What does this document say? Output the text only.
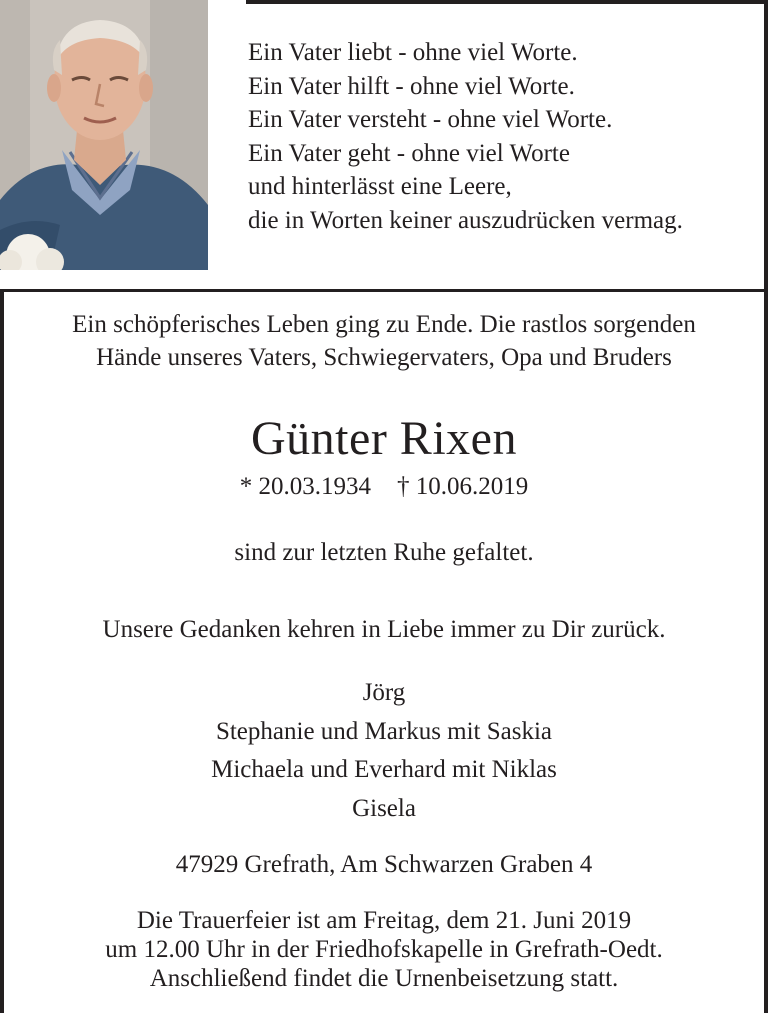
Ein Vater liebt - ohne viel Worte.
Ein Vater hilft - ohne viel Worte.
Ein Vater versteht - ohne viel Worte.
Ein Vater geht - ohne viel Worte
und hinterlässt eine Leere,
die in Worten keiner auszudrücken vermag.
Ein schöpferisches Leben ging zu Ende. Die rastlos sorgenden
Hände unseres Vaters, Schwiegervaters, Opa und Bruders
Günter Rixen
* 20.03.1934 † 10.06.2019
sind zur letzten Ruhe gefaltet.
Unsere Gedanken kehren in Liebe immer zu Dir zurück.
Jörg
Stephanie und Markus mit Saskia
Michaela und Everhard mit Niklas
Gisela
47929 Grefrath, Am Schwarzen Graben 4
Die Trauerfeier ist am Freitag, dem 21. Juni 2019
um 12.00 Uhr in der Friedhofskapelle in Grefrath-Oedt.
Anschließend findet die Urnenbeisetzung statt.
